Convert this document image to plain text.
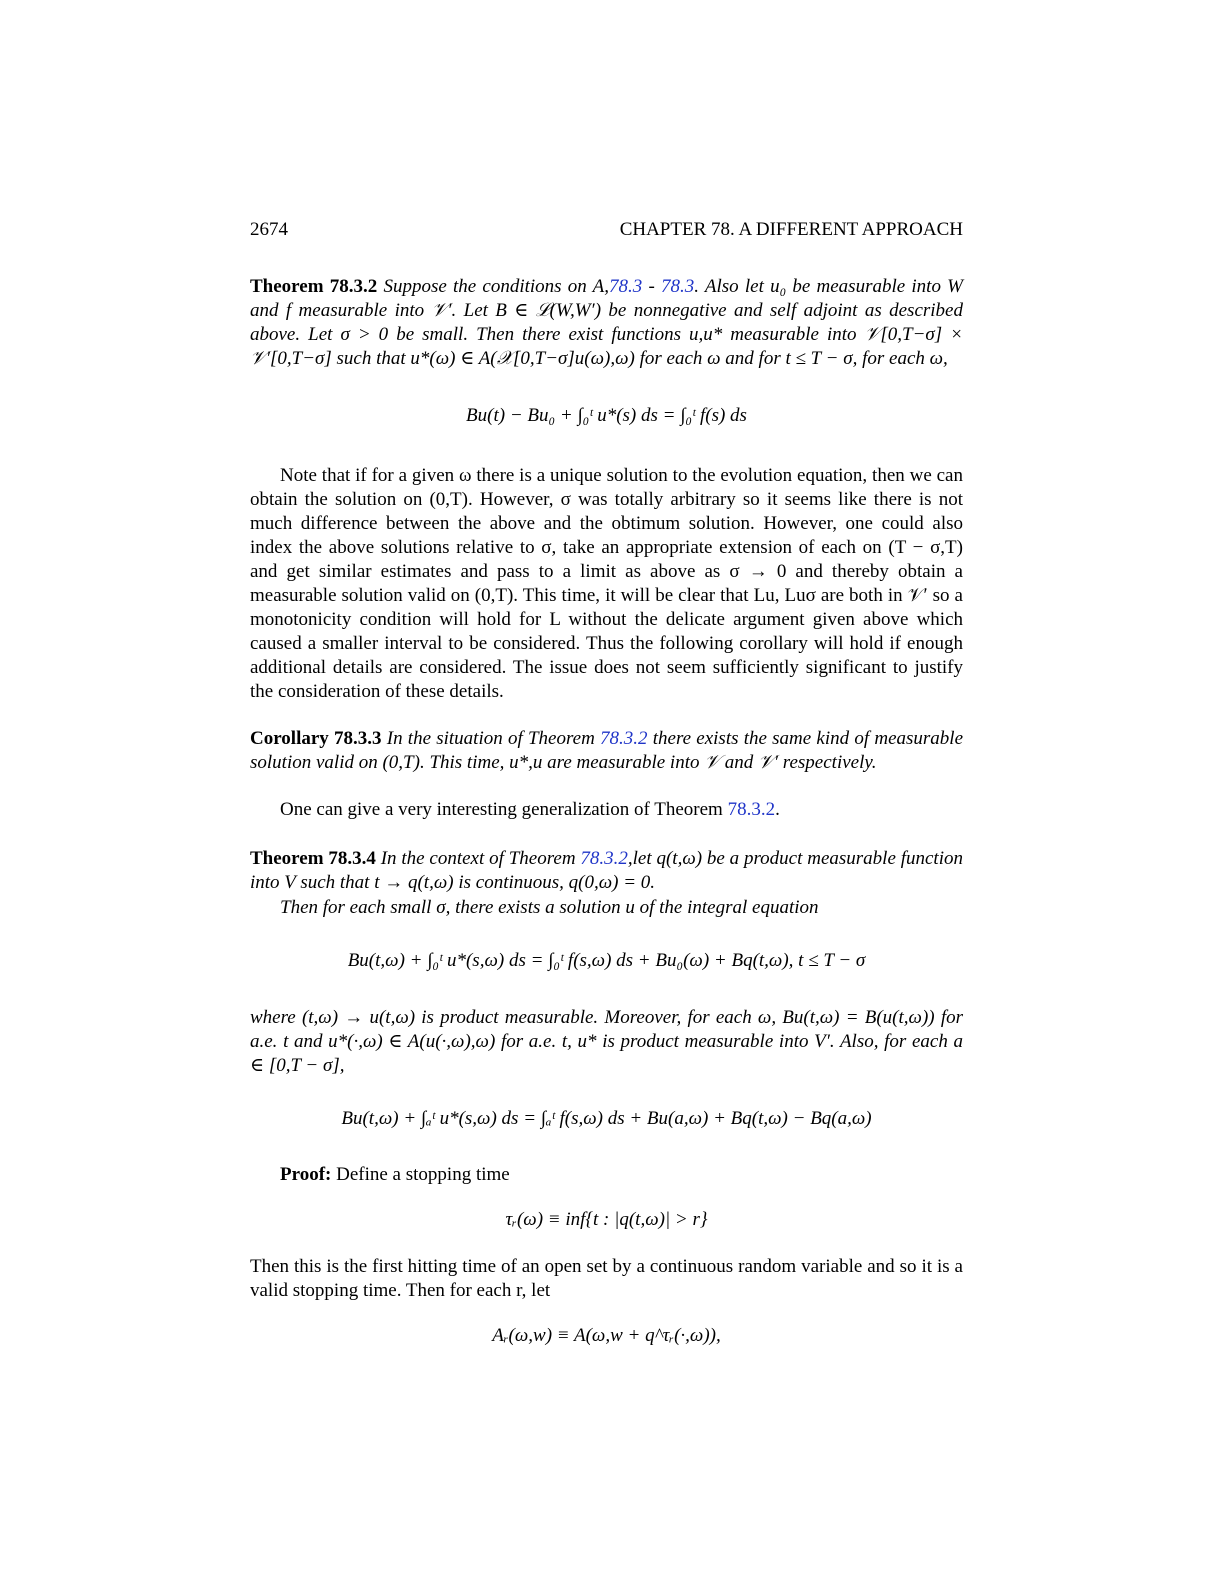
2674	CHAPTER 78. A DIFFERENT APPROACH
Theorem 78.3.2 Suppose the conditions on A,78.3 - 78.3. Also let u₀ be measurable into W and f measurable into 𝒱′. Let B ∈ ℒ(W,W′) be nonnegative and self adjoint as described above. Let σ > 0 be small. Then there exist functions u,u* measurable into 𝒱[0,T−σ] × 𝒱′[0,T−σ] such that u*(ω) ∈ A(𝒳[0,T−σ]u(ω),ω) for each ω and for t ≤ T − σ, for each ω,
Bu(t) − Bu₀ + ∫₀ᵗ u*(s) ds = ∫₀ᵗ f(s) ds
Note that if for a given ω there is a unique solution to the evolution equation, then we can obtain the solution on (0,T). However, σ was totally arbitrary so it seems like there is not much difference between the above and the obtimum solution. However, one could also index the above solutions relative to σ, take an appropriate extension of each on (T − σ,T) and get similar estimates and pass to a limit as above as σ → 0 and thereby obtain a measurable solution valid on (0,T). This time, it will be clear that Lu, Luσ are both in 𝒱′ so a monotonicity condition will hold for L without the delicate argument given above which caused a smaller interval to be considered. Thus the following corollary will hold if enough additional details are considered. The issue does not seem sufficiently significant to justify the consideration of these details.
Corollary 78.3.3 In the situation of Theorem 78.3.2 there exists the same kind of measurable solution valid on (0,T). This time, u*,u are measurable into 𝒱 and 𝒱′ respectively.
One can give a very interesting generalization of Theorem 78.3.2.
Theorem 78.3.4 In the context of Theorem 78.3.2,let q(t,ω) be a product measurable function into V such that t → q(t,ω) is continuous, q(0,ω) = 0.
Then for each small σ, there exists a solution u of the integral equation
Bu(t,ω) + ∫₀ᵗ u*(s,ω) ds = ∫₀ᵗ f(s,ω) ds + Bu₀(ω) + Bq(t,ω), t ≤ T − σ
where (t,ω) → u(t,ω) is product measurable. Moreover, for each ω, Bu(t,ω) = B(u(t,ω)) for a.e. t and u*(·,ω) ∈ A(u(·,ω),ω) for a.e. t, u* is product measurable into V′. Also, for each a ∈ [0,T − σ],
Bu(t,ω) + ∫ₐᵗ u*(s,ω) ds = ∫ₐᵗ f(s,ω) ds + Bu(a,ω) + Bq(t,ω) − Bq(a,ω)
Proof: Define a stopping time
τᵣ(ω) ≡ inf{t : |q(t,ω)| > r}
Then this is the first hitting time of an open set by a continuous random variable and so it is a valid stopping time. Then for each r, let
Aᵣ(ω,w) ≡ A(ω,w + q^τᵣ(·,ω)),
